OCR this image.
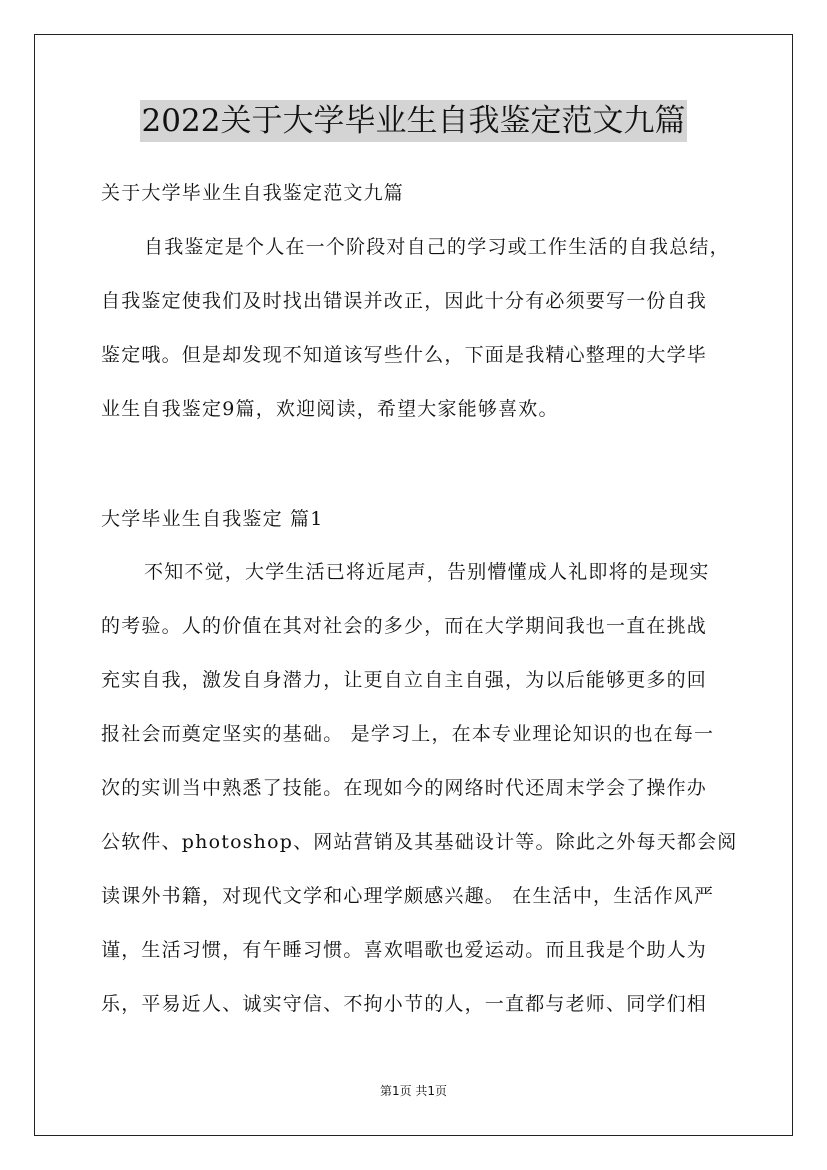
2022关于大学毕业生自我鉴定范文九篇
关于大学毕业生自我鉴定范文九篇
自我鉴定是个人在一个阶段对自己的学习或工作生活的自我总结，
自我鉴定使我们及时找出错误并改正，因此十分有必须要写一份自我
鉴定哦。但是却发现不知道该写些什么，下面是我精心整理的大学毕
业生自我鉴定9篇，欢迎阅读，希望大家能够喜欢。
大学毕业生自我鉴定 篇1
不知不觉，大学生活已将近尾声，告别懵懂成人礼即将的是现实
的考验。人的价值在其对社会的多少，而在大学期间我也一直在挑战
充实自我，激发自身潜力，让更自立自主自强，为以后能够更多的回
报社会而奠定坚实的基础。 是学习上，在本专业理论知识的也在每一
次的实训当中熟悉了技能。在现如今的网络时代还周末学会了操作办
公软件、photoshop、网站营销及其基础设计等。除此之外每天都会阅
读课外书籍，对现代文学和心理学颇感兴趣。 在生活中，生活作风严
谨，生活习惯，有午睡习惯。喜欢唱歌也爱运动。而且我是个助人为
乐，平易近人、诚实守信、不拘小节的人，一直都与老师、同学们相
第1页 共1页
